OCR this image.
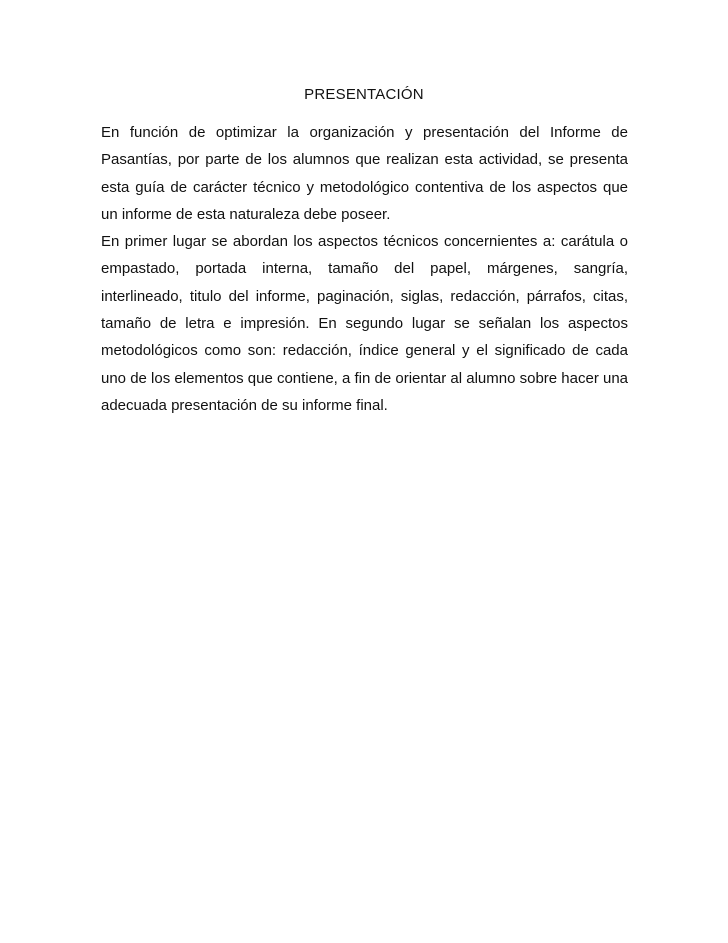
PRESENTACIÓN

En función de optimizar la organización y presentación del Informe de Pasantías, por parte de los alumnos que realizan esta actividad, se presenta esta guía de carácter técnico y metodológico contentiva de los aspectos que un informe de esta naturaleza debe poseer.

En primer lugar se abordan los aspectos técnicos concernientes a: carátula o empastado, portada interna, tamaño del papel, márgenes, sangría, interlineado, titulo del informe, paginación, siglas, redacción, párrafos, citas, tamaño de letra e impresión. En segundo lugar se señalan los aspectos metodológicos como son: redacción, índice general y el significado de cada uno de los elementos que contiene, a fin de orientar al alumno sobre hacer una adecuada presentación de su informe final.
